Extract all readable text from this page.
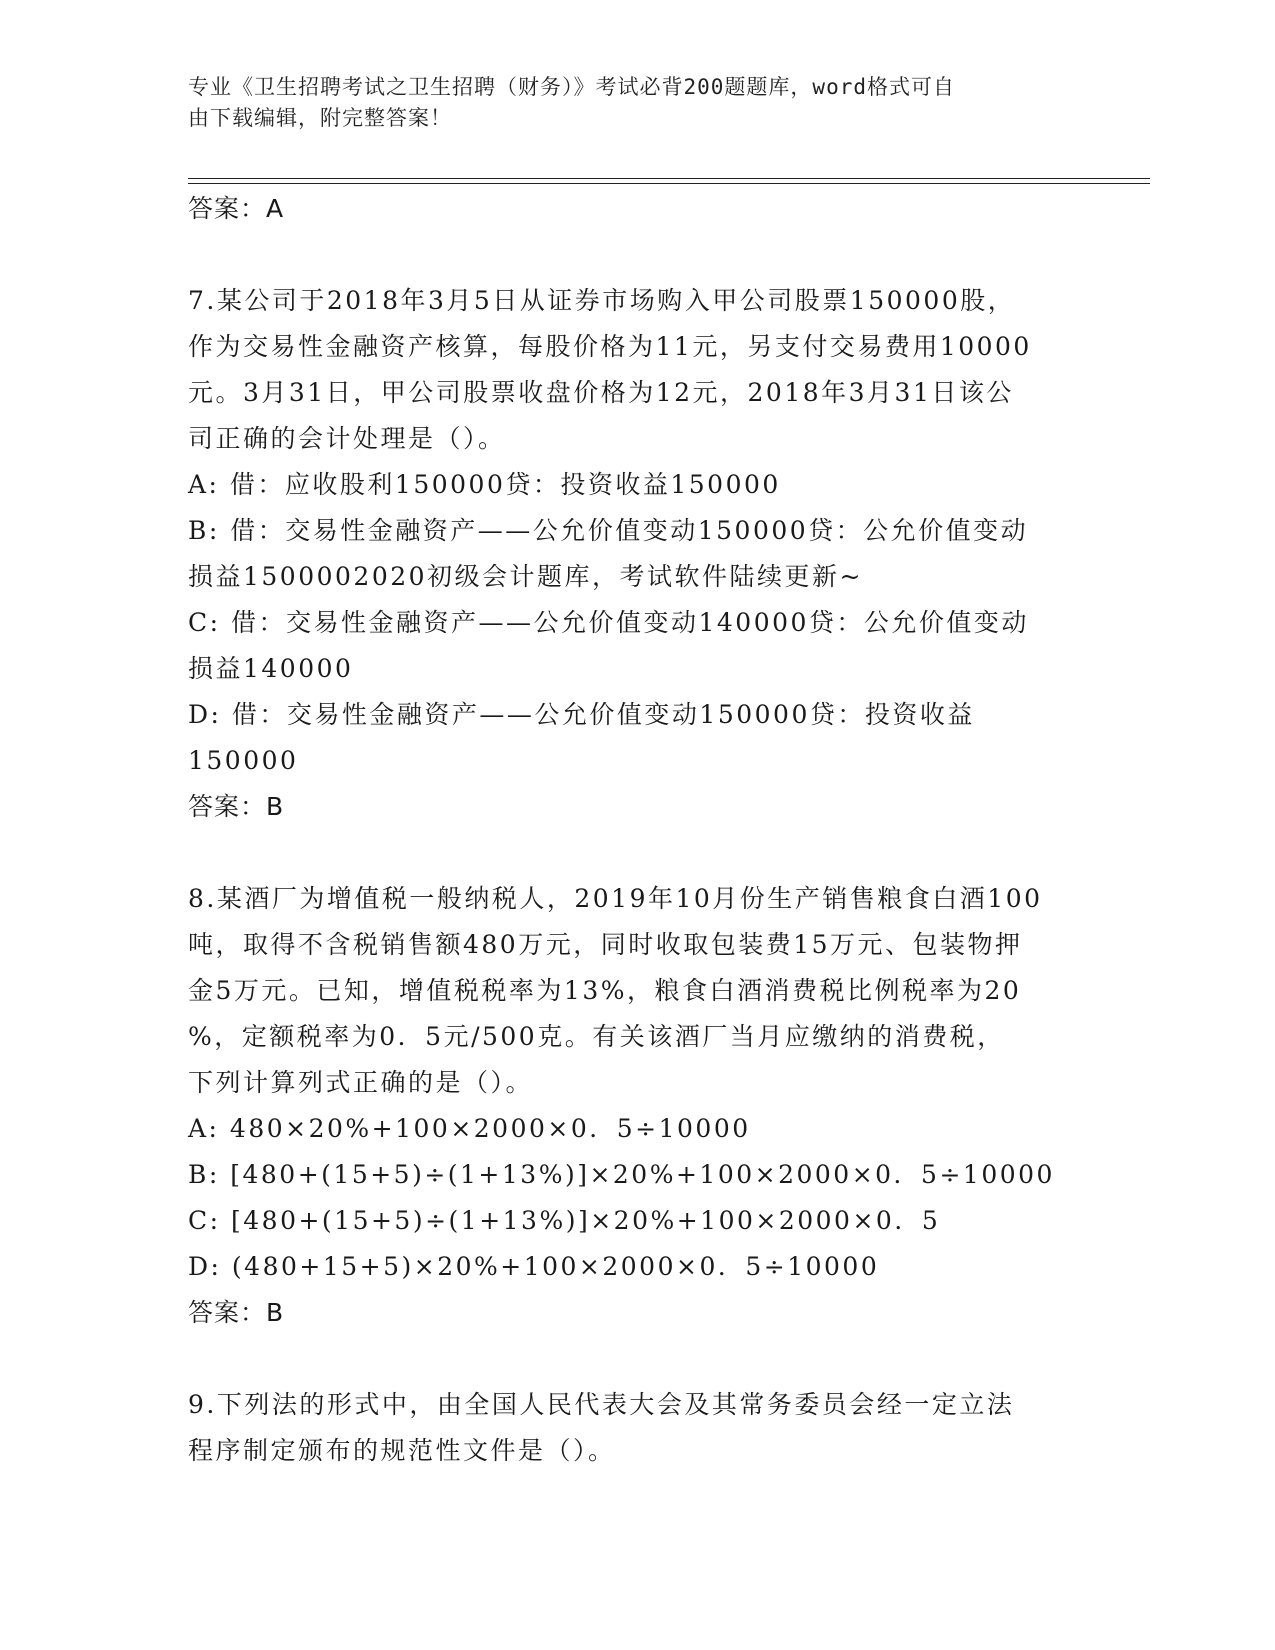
专业《卫生招聘考试之卫生招聘（财务）》考试必背200题题库，word格式可自
由下载编辑，附完整答案！
答案：A
7.某公司于2018年3月5日从证券市场购入甲公司股票150000股，
作为交易性金融资产核算，每股价格为11元，另支付交易费用10000
元。3月31日，甲公司股票收盘价格为12元，2018年3月31日该公
司正确的会计处理是（）。
A: 借：应收股利150000贷：投资收益150000
B: 借：交易性金融资产——公允价值变动150000贷：公允价值变动
损益1500002020初级会计题库，考试软件陆续更新~
C: 借：交易性金融资产——公允价值变动140000贷：公允价值变动
损益140000
D: 借：交易性金融资产——公允价值变动150000贷：投资收益
150000
答案：B
8.某酒厂为增值税一般纳税人，2019年10月份生产销售粮食白酒100
吨，取得不含税销售额480万元，同时收取包装费15万元、包装物押
金5万元。已知，增值税税率为13%，粮食白酒消费税比例税率为20
%，定额税率为0．5元/500克。有关该酒厂当月应缴纳的消费税，
下列计算列式正确的是（）。
A: 480×20%+100×2000×0．5÷10000
B: [480+(15+5)÷(1+13%)]×20%+100×2000×0．5÷10000
C: [480+(15+5)÷(1+13%)]×20%+100×2000×0．5
D: (480+15+5)×20%+100×2000×0．5÷10000
答案：B
9.下列法的形式中，由全国人民代表大会及其常务委员会经一定立法
程序制定颁布的规范性文件是（）。
